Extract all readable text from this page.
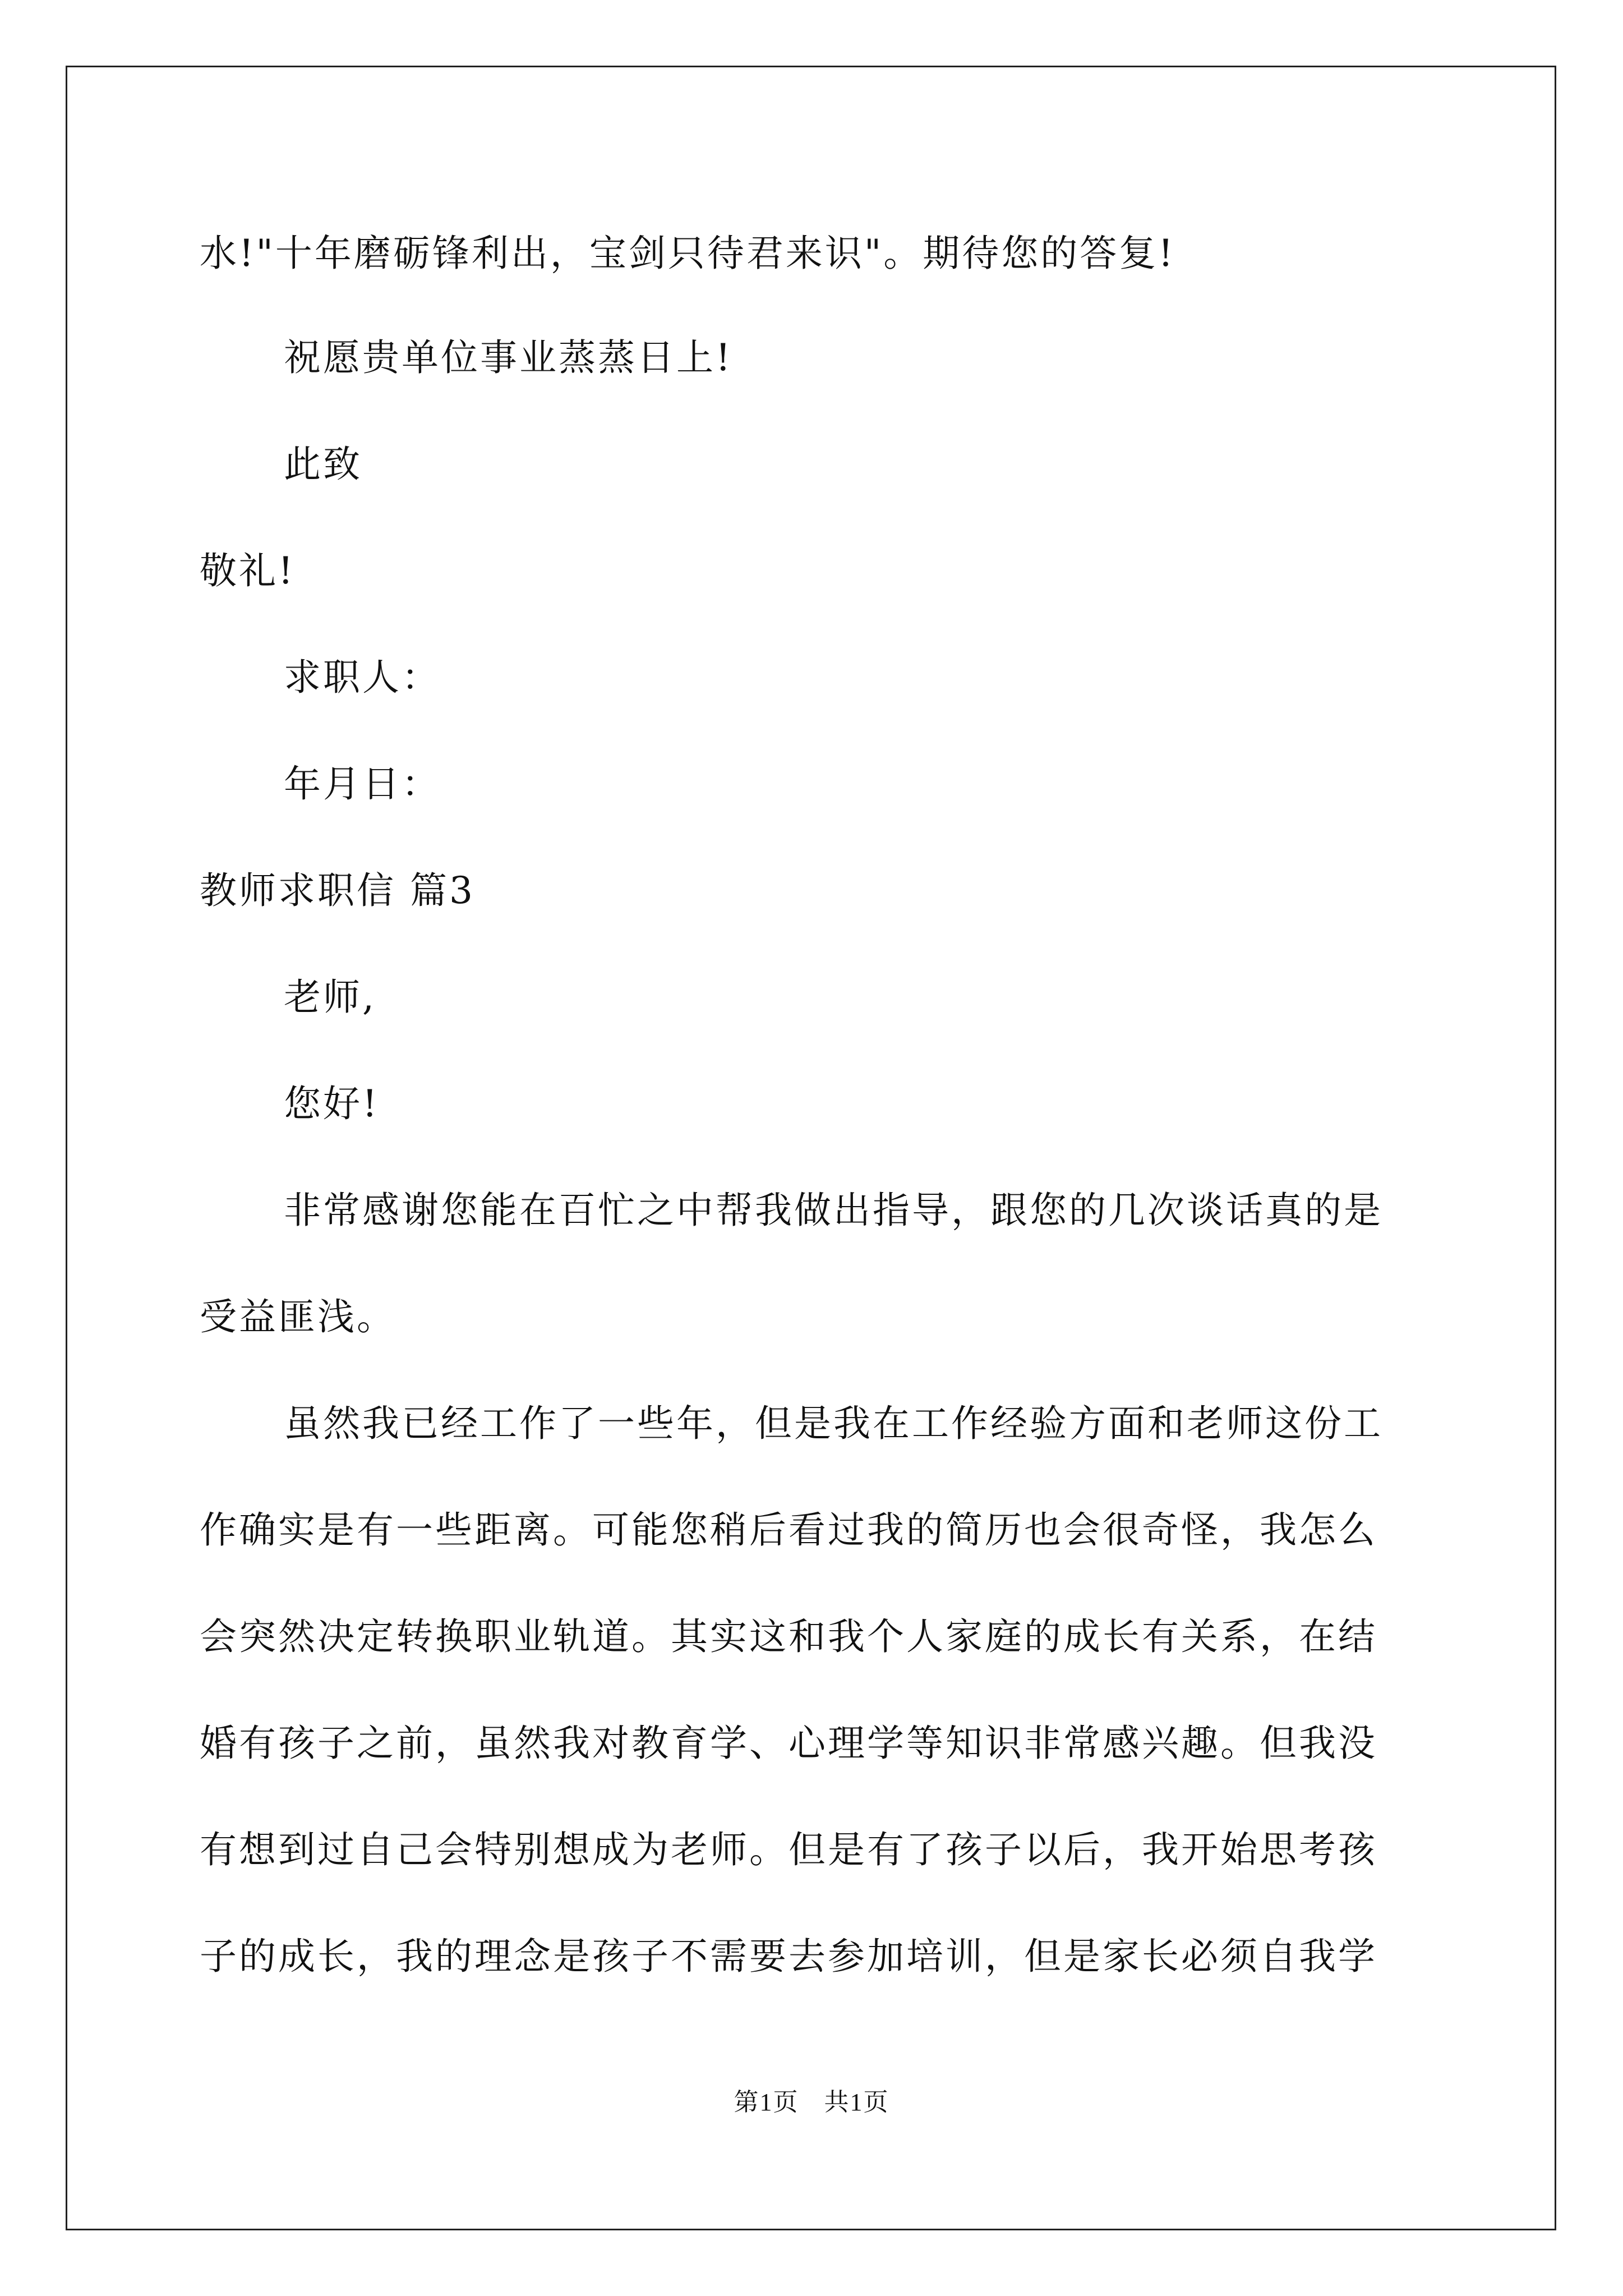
水!"十年磨砺锋利出，宝剑只待君来识"。期待您的答复!
祝愿贵单位事业蒸蒸日上!
此致
敬礼!
求职人：
年月日：
教师求职信 篇3
老师,
您好!
非常感谢您能在百忙之中帮我做出指导，跟您的几次谈话真的是
受益匪浅。
虽然我已经工作了一些年，但是我在工作经验方面和老师这份工
作确实是有一些距离。可能您稍后看过我的简历也会很奇怪，我怎么
会突然决定转换职业轨道。其实这和我个人家庭的成长有关系，在结
婚有孩子之前，虽然我对教育学、心理学等知识非常感兴趣。但我没
有想到过自己会特别想成为老师。但是有了孩子以后，我开始思考孩
子的成长，我的理念是孩子不需要去参加培训，但是家长必须自我学
第1页 共1页
